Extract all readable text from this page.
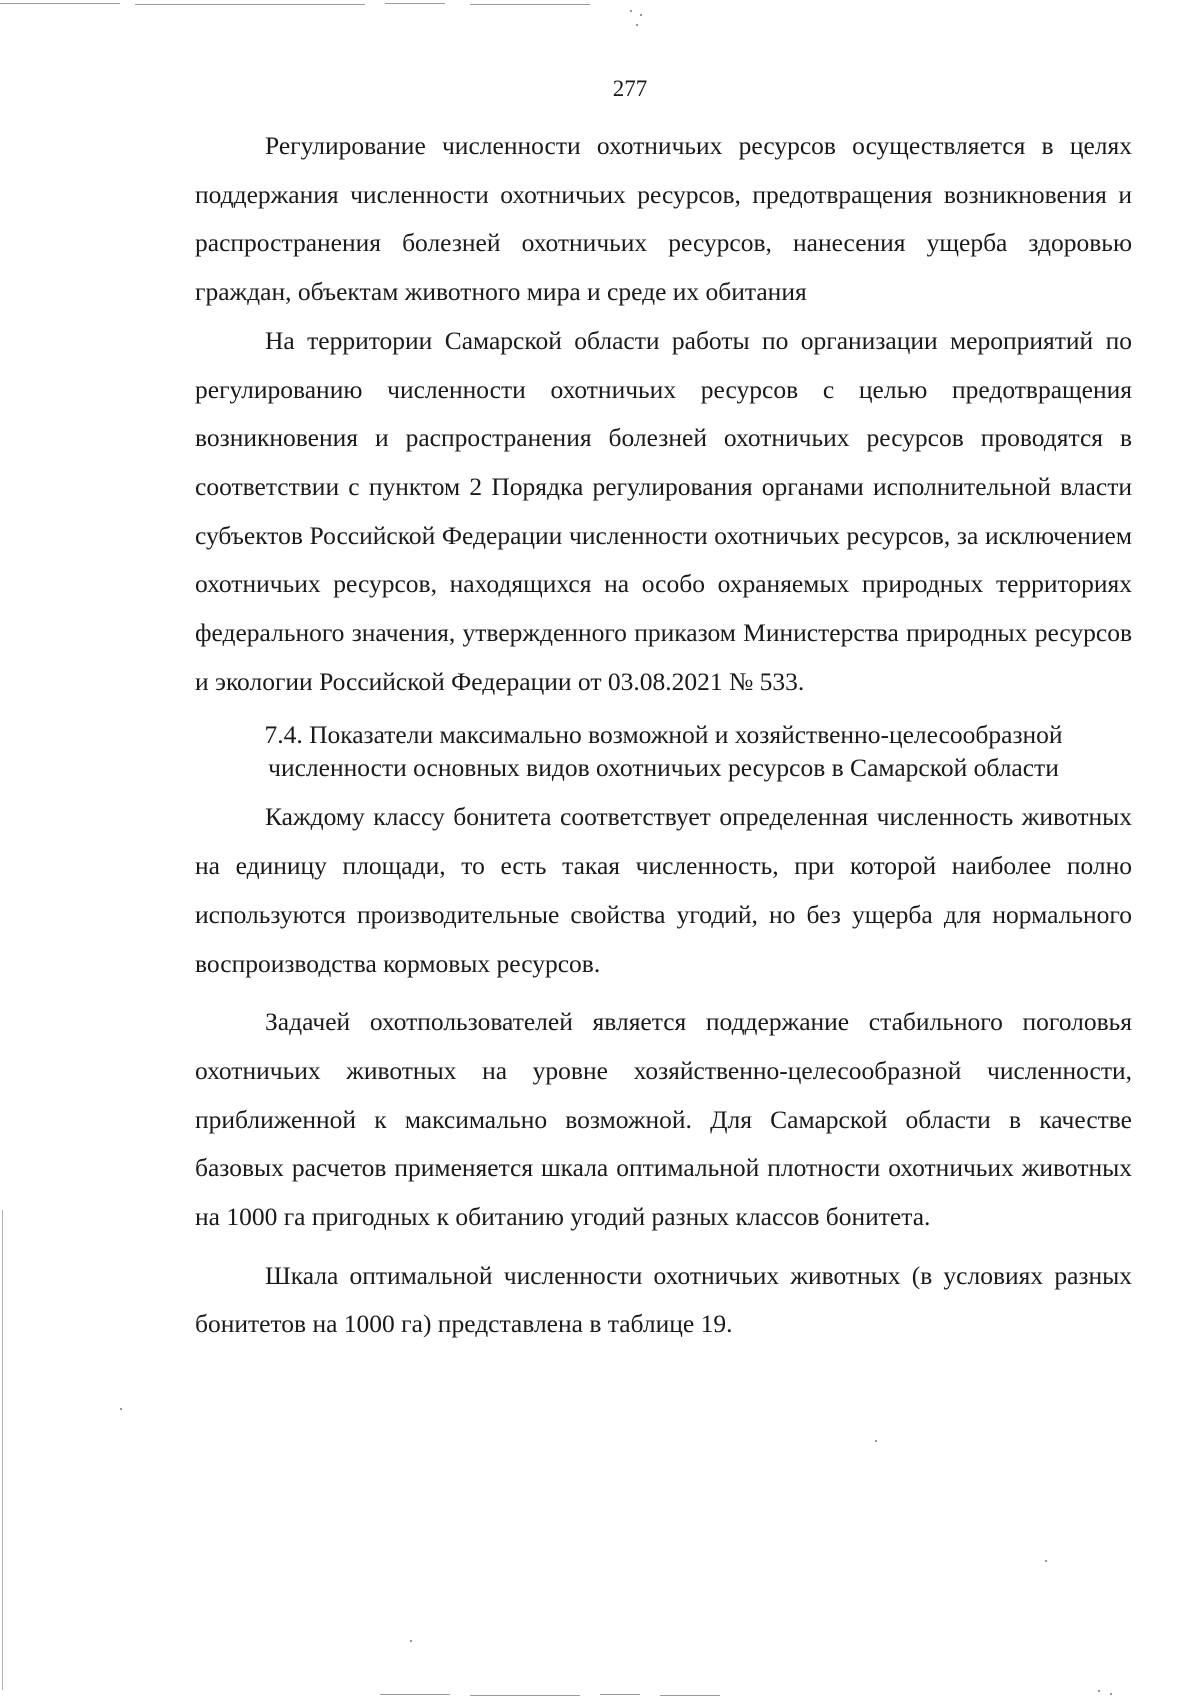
277

Регулирование численности охотничьих ресурсов осуществляется в целях поддержания численности охотничьих ресурсов, предотвращения возникновения и распространения болезней охотничьих ресурсов, нанесения ущерба здоровью граждан, объектам животного мира и среде их обитания

На территории Самарской области работы по организации мероприятий по регулированию численности охотничьих ресурсов с целью предотвращения возникновения и распространения болезней охотничьих ресурсов проводятся в соответствии с пунктом 2 Порядка регулирования органами исполнительной власти субъектов Российской Федерации численности охотничьих ресурсов, за исключением охотничьих ресурсов, находящихся на особо охраняемых природных территориях федерального значения, утвержденного приказом Министерства природных ресурсов и экологии Российской Федерации от 03.08.2021 № 533.

7.4. Показатели максимально возможной и хозяйственно-целесообразной
численности основных видов охотничьих ресурсов в Самарской области

Каждому классу бонитета соответствует определенная численность животных на единицу площади, то есть такая численность, при которой наиболее полно используются производительные свойства угодий, но без ущерба для нормального воспроизводства кормовых ресурсов.

Задачей охотпользователей является поддержание стабильного поголовья охотничьих животных на уровне хозяйственно-целесообразной численности, приближенной к максимально возможной. Для Самарской области в качестве базовых расчетов применяется шкала оптимальной плотности охотничьих животных на 1000 га пригодных к обитанию угодий разных классов бонитета.

Шкала оптимальной численности охотничьих животных (в условиях разных бонитетов на 1000 га) представлена в таблице 19.
